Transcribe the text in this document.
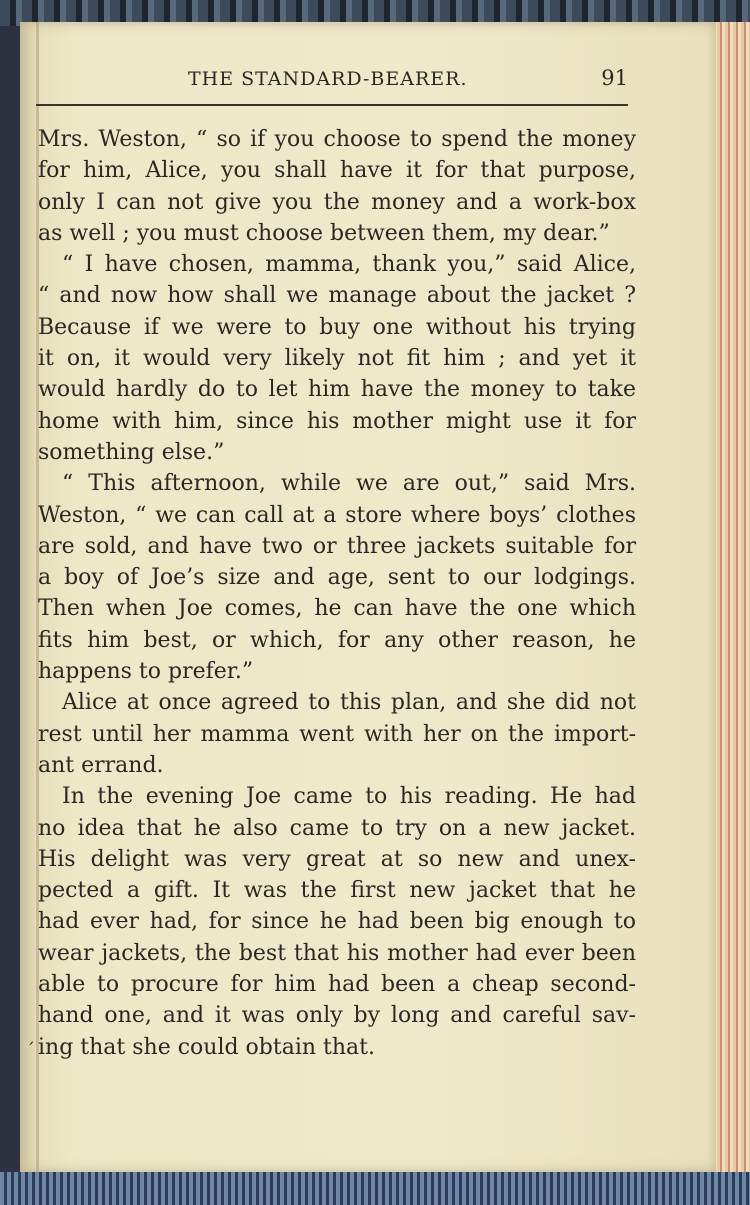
THE STANDARD-BEARER.	91
Mrs. Weston, “ so if you choose to spend the money
for him, Alice, you shall have it for that purpose,
only I can not give you the money and a work-box
as well ; you must choose between them, my dear.”
“ I have chosen, mamma, thank you,” said Alice,
“ and now how shall we manage about the jacket ?
Because if we were to buy one without his trying
it on, it would very likely not fit him ; and yet it
would hardly do to let him have the money to take
home with him, since his mother might use it for
something else.”
“ This afternoon, while we are out,” said Mrs.
Weston, “ we can call at a store where boys’ clothes
are sold, and have two or three jackets suitable for
a boy of Joe’s size and age, sent to our lodgings.
Then when Joe comes, he can have the one which
fits him best, or which, for any other reason, he
happens to prefer.”
Alice at once agreed to this plan, and she did not
rest until her mamma went with her on the import-
ant errand.
In the evening Joe came to his reading. He had
no idea that he also came to try on a new jacket.
His delight was very great at so new and unex-
pected a gift. It was the first new jacket that he
had ever had, for since he had been big enough to
wear jackets, the best that his mother had ever been
able to procure for him had been a cheap second-
hand one, and it was only by long and careful sav-
ing that she could obtain that.
ˊ
